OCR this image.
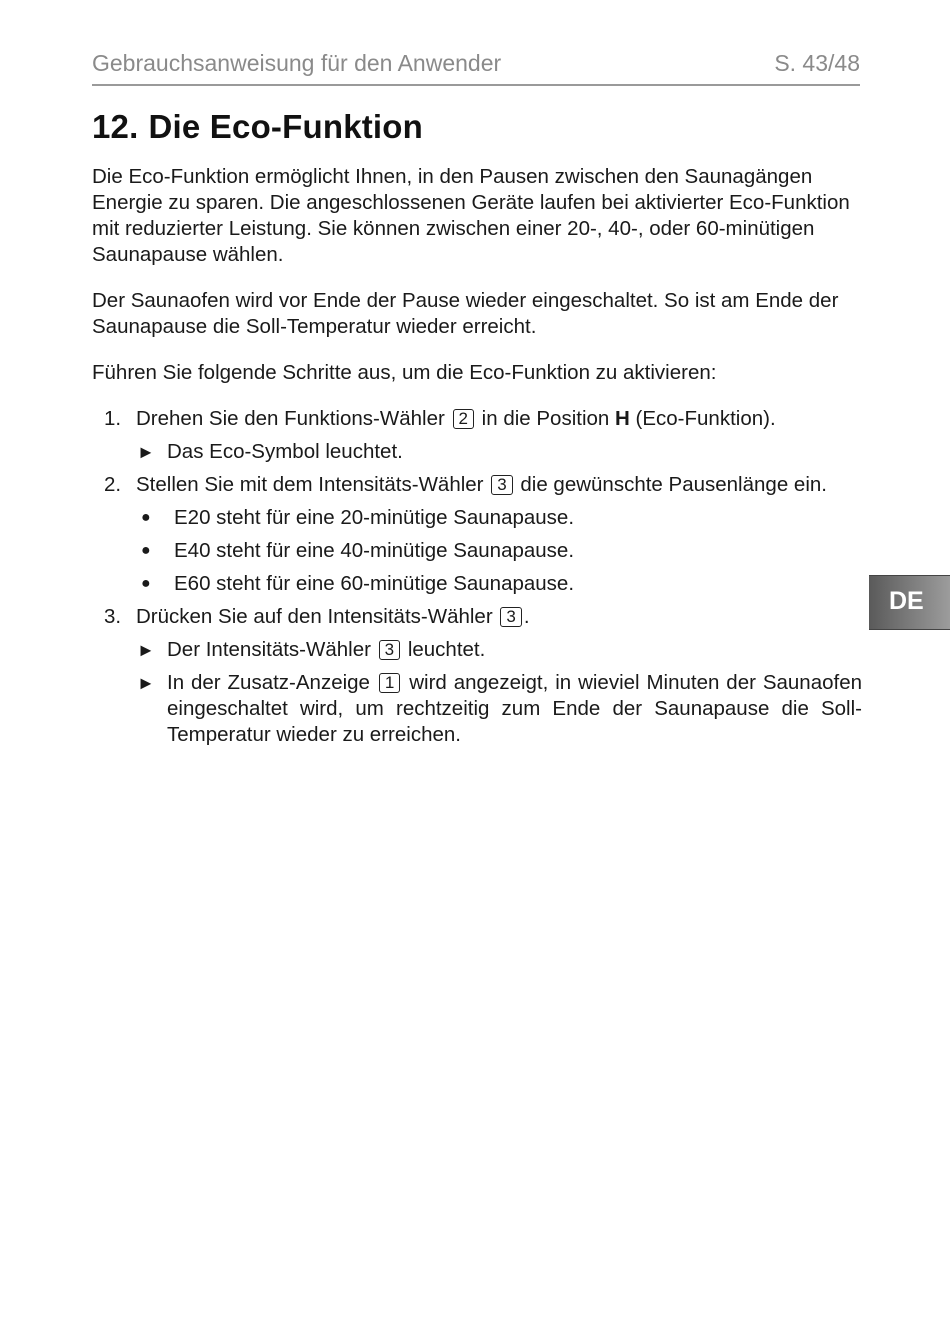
Gebrauchsanweisung für den Anwender	S. 43/48
12. Die Eco-Funktion

Die Eco-Funktion ermöglicht Ihnen, in den Pausen zwischen den Saunagängen Energie zu sparen. Die angeschlossenen Geräte laufen bei aktivierter Eco-Funktion mit reduzierter Leistung. Sie können zwischen einer 20-, 40-, oder 60-minütigen Saunapause wählen.

Der Saunaofen wird vor Ende der Pause wieder eingeschaltet. So ist am Ende der Saunapause die Soll-Temperatur wieder erreicht.

Führen Sie folgende Schritte aus, um die Eco-Funktion zu aktivieren:

1. Drehen Sie den Funktions-Wähler 2 in die Position H (Eco-Funktion).
► Das Eco-Symbol leuchtet.
2. Stellen Sie mit dem Intensitäts-Wähler 3 die gewünschte Pausenlänge ein.
● E20 steht für eine 20-minütige Saunapause.
● E40 steht für eine 40-minütige Saunapause.
● E60 steht für eine 60-minütige Saunapause.
3. Drücken Sie auf den Intensitäts-Wähler 3 .
► Der Intensitäts-Wähler 3 leuchtet.
► In der Zusatz-Anzeige 1 wird angezeigt, in wieviel Minuten der Saunaofen eingeschaltet wird, um rechtzeitig zum Ende der Saunapause die Soll-Temperatur wieder zu erreichen.
DE
